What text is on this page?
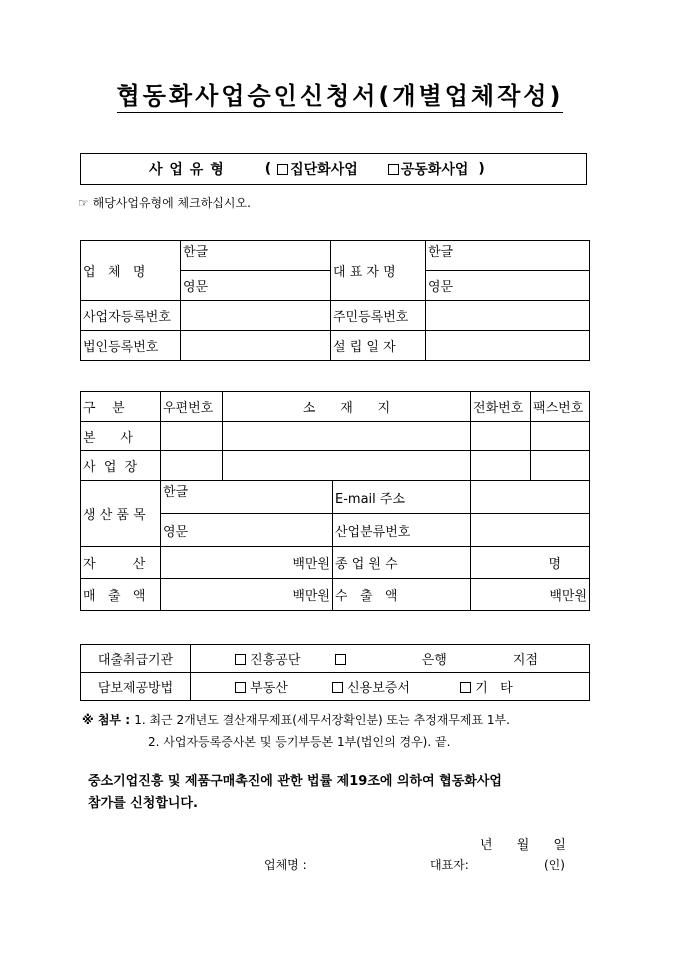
협동화사업승인신청서(개별업체작성)
사 업 유 형	( 집단화사업	공동화사업 )
☞ 해당사업유형에 체크하십시오.
업   체   명	한글	대 표 자 명	한글
	영문		영문
사업자등록번호		주민등록번호	
법인등록번호		설 립 일 자	
구    분	우편번호	소      재      지		전화번호	팩스번호
본      사					
사  업  장					
생 산 품 목	한글		E-mail 주소		
	영문		산업분류번호		
자         산	백만원		종 업 원 수	명	
매   출   액	백만원		수   출   액	백만원	
대출취급기관	진흥공단 은행 지점
담보제공방법	부동산 신용보증서 기   타
※ 첨부 : 1. 최근 2개년도 결산재무제표(세무서장확인분) 또는 추정재무제표 1부.
2. 사업자등록증사본 및 등기부등본 1부(법인의 경우). 끝.
중소기업진흥 및 제품구매촉진에 관한 법률 제19조에 의하여 협동화사업
참가를 신청합니다.
년 월 일
업체명 :	대표자:	(인)
